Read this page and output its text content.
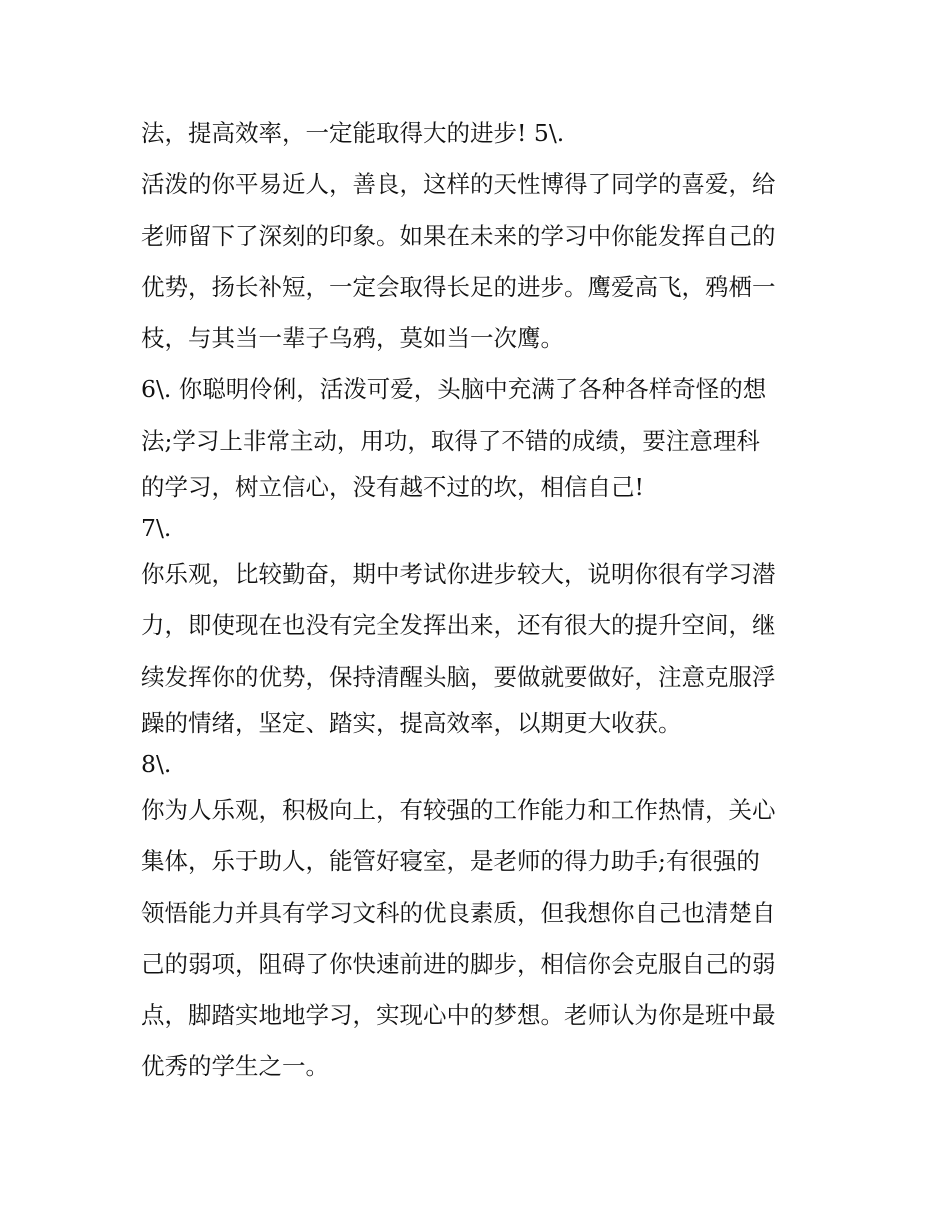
法，提高效率，一定能取得大的进步! 5\.
活泼的你平易近人，善良，这样的天性博得了同学的喜爱，给
老师留下了深刻的印象。如果在未来的学习中你能发挥自己的
优势，扬长补短，一定会取得长足的进步。鹰爱高飞，鸦栖一
枝，与其当一辈子乌鸦，莫如当一次鹰。
6\. 你聪明伶俐，活泼可爱，头脑中充满了各种各样奇怪的想
法;学习上非常主动，用功，取得了不错的成绩，要注意理科
的学习，树立信心，没有越不过的坎，相信自己!
7\.
你乐观，比较勤奋，期中考试你进步较大，说明你很有学习潜
力，即使现在也没有完全发挥出来，还有很大的提升空间，继
续发挥你的优势，保持清醒头脑，要做就要做好，注意克服浮
躁的情绪，坚定、踏实，提高效率，以期更大收获。
8\.
你为人乐观，积极向上，有较强的工作能力和工作热情，关心
集体，乐于助人，能管好寝室，是老师的得力助手;有很强的
领悟能力并具有学习文科的优良素质，但我想你自己也清楚自
己的弱项，阻碍了你快速前进的脚步，相信你会克服自己的弱
点，脚踏实地地学习，实现心中的梦想。老师认为你是班中最
优秀的学生之一。
